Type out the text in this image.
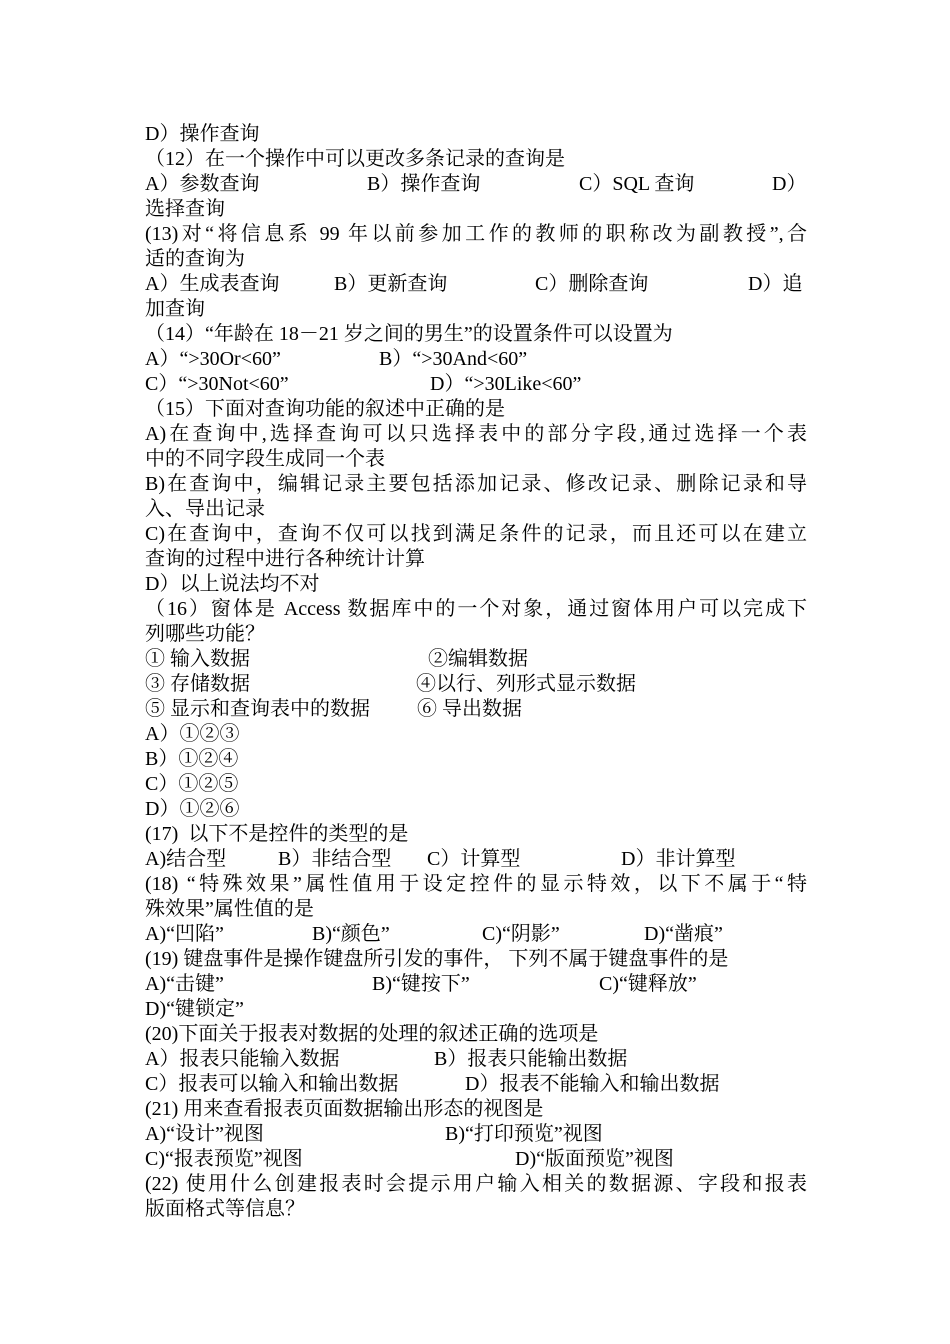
D）操作查询
（12）在一个操作中可以更改多条记录的查询是

A）参数查询

	B）操作查询

	C）SQL 查询

	D）

选择查询
(13)对“将信息系 99 年以前参加工作的教师的职称改为副教授”,合
适的查询为

A）生成表查询

	B）更新查询

	C）删除查询

	D）追

加查询
（14）“年龄在 18－21 岁之间的男生”的设置条件可以设置为

A）“>30Or<60”

	B）“>30And<60”

C）“>30Not<60”

	D）“>30Like<60”

（15）下面对查询功能的叙述中正确的是
A)在查询中,选择查询可以只选择表中的部分字段,通过选择一个表
中的不同字段生成同一个表
B)在查询中，编辑记录主要包括添加记录、修改记录、删除记录和导
入、导出记录
C)在查询中，查询不仅可以找到满足条件的记录，而且还可以在建立
查询的过程中进行各种统计计算
D）以上说法均不对
（16）窗体是 Access 数据库中的一个对象，通过窗体用户可以完成下
列哪些功能？

① 输入数据

	②编辑数据

③ 存储数据

	④以行、列形式显示数据

⑤ 显示和查询表中的数据

⑥ 导出数据

A）①②③
B）①②④
C）①②⑤
D）①②⑥
(17)  以下不是控件的类型的是

A)结合型

	B）非结合型

C）计算型

	D）非计算型

(18) “特殊效果”属性值用于设定控件的显示特效，以下不属于“特
殊效果”属性值的是

A)“凹陷”

	B)“颜色”

	C)“阴影”

	D)“凿痕”

(19) 键盘事件是操作键盘所引发的事件， 下列不属于键盘事件的是

A)“击键”

	B)“键按下”

	C)“键释放”

D)“键锁定”
(20)下面关于报表对数据的处理的叙述正确的选项是

A）报表只能输入数据

	B）报表只能输出数据

C）报表可以输入和输出数据

	D）报表不能输入和输出数据

(21) 用来查看报表页面数据输出形态的视图是

A)“设计”视图

	B)“打印预览”视图

C)“报表预览”视图

	D)“版面预览”视图

(22) 使用什么创建报表时会提示用户输入相关的数据源、字段和报表
版面格式等信息？
